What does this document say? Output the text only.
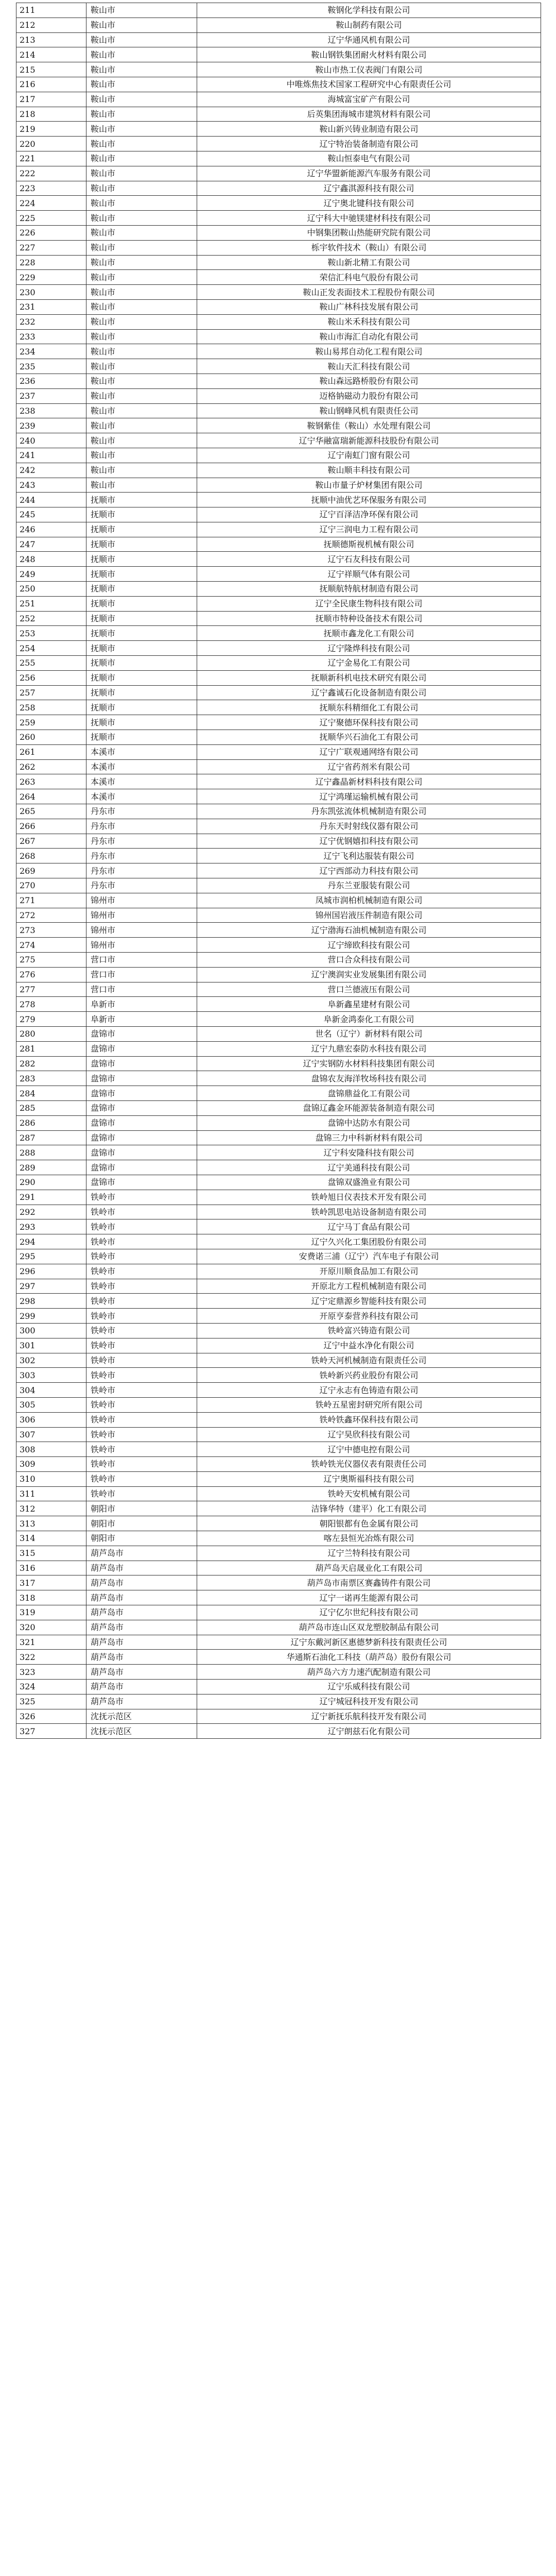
211	鞍山市	鞍钢化学科技有限公司
212	鞍山市	鞍山制药有限公司
213	鞍山市	辽宁华通风机有限公司
214	鞍山市	鞍山钢铁集团耐火材料有限公司
215	鞍山市	鞍山市热工仪表阀门有限公司
216	鞍山市	中唯炼焦技术国家工程研究中心有限责任公司
217	鞍山市	海城富宝矿产有限公司
218	鞍山市	后英集团海城市建筑材料有限公司
219	鞍山市	鞍山新兴铸业制造有限公司
220	鞍山市	辽宁特治装备制造有限公司
221	鞍山市	鞍山恒泰电气有限公司
222	鞍山市	辽宁华盟新能源汽车服务有限公司
223	鞍山市	辽宁鑫淇源科技有限公司
224	鞍山市	辽宁奥北键科技有限公司
225	鞍山市	辽宁科大中驰镁建材科技有限公司
226	鞍山市	中钢集团鞍山热能研究院有限公司
227	鞍山市	栎宇软件技术（鞍山）有限公司
228	鞍山市	鞍山新北精工有限公司
229	鞍山市	荣信汇科电气股份有限公司
230	鞍山市	鞍山正发表面技术工程股份有限公司
231	鞍山市	鞍山广林科技发展有限公司
232	鞍山市	鞍山米禾科技有限公司
233	鞍山市	鞍山市海汇自动化有限公司
234	鞍山市	鞍山易邦自动化工程有限公司
235	鞍山市	鞍山天汇科技有限公司
236	鞍山市	鞍山森远路桥股份有限公司
237	鞍山市	迈格钠磁动力股份有限公司
238	鞍山市	鞍山钢峰风机有限责任公司
239	鞍山市	鞍钢紫佳（鞍山）水处理有限公司
240	鞍山市	辽宁华融富瑞新能源科技股份有限公司
241	鞍山市	辽宁南虹门窗有限公司
242	鞍山市	鞍山顺丰科技有限公司
243	鞍山市	鞍山市量子炉材集团有限公司
244	抚顺市	抚顺中油优艺环保服务有限公司
245	抚顺市	辽宁百泽洁净环保有限公司
246	抚顺市	辽宁三润电力工程有限公司
247	抚顺市	抚顺德斯视机械有限公司
248	抚顺市	辽宁石友科技有限公司
249	抚顺市	辽宁祥顺气体有限公司
250	抚顺市	抚顺航特航材制造有限公司
251	抚顺市	辽宁全民康生物科技有限公司
252	抚顺市	抚顺市特种设备技术有限公司
253	抚顺市	抚顺市鑫龙化工有限公司
254	抚顺市	辽宁隆烨科技有限公司
255	抚顺市	辽宁金易化工有限公司
256	抚顺市	抚顺新科机电技术研究有限公司
257	抚顺市	辽宁鑫诚石化设备制造有限公司
258	抚顺市	抚顺东科精细化工有限公司
259	抚顺市	辽宁聚德环保科技有限公司
260	抚顺市	抚顺华兴石油化工有限公司
261	本溪市	辽宁广联观通网络有限公司
262	本溪市	辽宁省药剂米有限公司
263	本溪市	辽宁鑫晶新材料科技有限公司
264	本溪市	辽宁鸿瑾运输机械有限公司
265	丹东市	丹东凯弦流体机械制造有限公司
266	丹东市	丹东天时射线仪器有限公司
267	丹东市	辽宁优钢嬉扣科技有限公司
268	丹东市	辽宁飞利达服装有限公司
269	丹东市	辽宁西部动力科技有限公司
270	丹东市	丹东兰亚服装有限公司
271	锦州市	凤城市润柏机械制造有限公司
272	锦州市	锦州国岩液压件制造有限公司
273	锦州市	辽宁渤海石油机械制造有限公司
274	锦州市	辽宁缔欧科技有限公司
275	营口市	营口合众科技有限公司
276	营口市	辽宁澳润实业发展集团有限公司
277	营口市	营口兰德液压有限公司
278	阜新市	阜新鑫星建材有限公司
279	阜新市	阜新金鸿泰化工有限公司
280	盘锦市	世名（辽宁）新材料有限公司
281	盘锦市	辽宁九鼎宏泰防水科技有限公司
282	盘锦市	辽宁实钢防水材料科技集团有限公司
283	盘锦市	盘锦农友海洋牧场科技有限公司
284	盘锦市	盘锦鼎益化工有限公司
285	盘锦市	盘锦辽鑫金环能源装备制造有限公司
286	盘锦市	盘锦中达防水有限公司
287	盘锦市	盘锦三力中科新材料有限公司
288	盘锦市	辽宁科安隆科技有限公司
289	盘锦市	辽宁美通科技有限公司
290	盘锦市	盘锦双盛渔业有限公司
291	铁岭市	铁岭旭日仪表技术开发有限公司
292	铁岭市	铁岭凯思电站设备制造有限公司
293	铁岭市	辽宁马丁食品有限公司
294	铁岭市	辽宁久兴化工集团股份有限公司
295	铁岭市	安费诺三浦（辽宁）汽车电子有限公司
296	铁岭市	开原川顺食品加工有限公司
297	铁岭市	开原北方工程机械制造有限公司
298	铁岭市	辽宁定鼎源乡智能科技有限公司
299	铁岭市	开原亨泰营养科技有限公司
300	铁岭市	铁岭富兴铸造有限公司
301	铁岭市	辽宁中益水净化有限公司
302	铁岭市	铁岭天河机械制造有限责任公司
303	铁岭市	铁岭新兴药业股份有限公司
304	铁岭市	辽宁永志有色铸造有限公司
305	铁岭市	铁岭五星密封研究所有限公司
306	铁岭市	铁岭铁鑫环保科技有限公司
307	铁岭市	辽宁昊欣科技有限公司
308	铁岭市	辽宁中德电控有限公司
309	铁岭市	铁岭铁光仪器仪表有限责任公司
310	铁岭市	辽宁奥斯福科技有限公司
311	铁岭市	铁岭天安机械有限公司
312	朝阳市	洁锋华特（建平）化工有限公司
313	朝阳市	朝阳银都有色金属有限公司
314	朝阳市	喀左县恒光冶炼有限公司
315	葫芦岛市	辽宁兰特科技有限公司
316	葫芦岛市	葫芦岛天启晟业化工有限公司
317	葫芦岛市	葫芦岛市南票区赛鑫铸件有限公司
318	葫芦岛市	辽宁一诺再生能源有限公司
319	葫芦岛市	辽宁亿尔世纪科技有限公司
320	葫芦岛市	葫芦岛市连山区双龙塑胶制品有限公司
321	葫芦岛市	辽宁东戴河新区惠德梦新科技有限责任公司
322	葫芦岛市	华通斯石油化工科技（葫芦岛）股份有限公司
323	葫芦岛市	葫芦岛六方力速汽配制造有限公司
324	葫芦岛市	辽宁乐威科技有限公司
325	葫芦岛市	辽宁城冠科技开发有限公司
326	沈抚示范区	辽宁新抚乐航科技开发有限公司
327	沈抚示范区	辽宁朗兹石化有限公司
